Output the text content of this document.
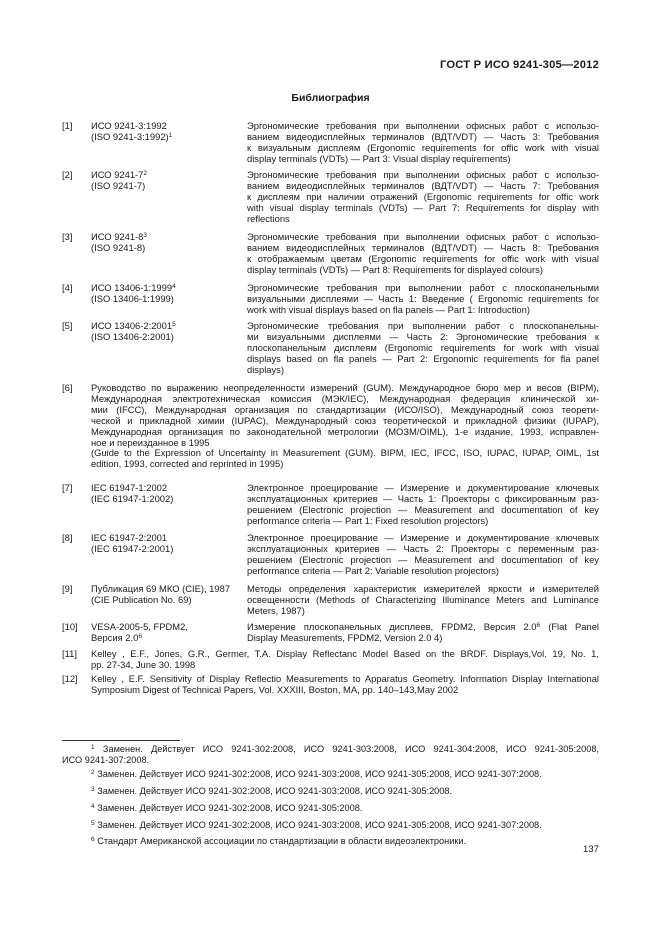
ГОСТ Р ИСО 9241-305—2012
Библиография
[1] ИСО 9241-3:1992
(ISO 9241-3:1992)$^1$
Эргономические требования при выполнении офисных работ с использо-
ванием видеодисплейных терминалов (ВДТ/VDT) — Часть 3: Требования
к визуальным дисплеям (Ergonomic requirements for offic work with visual
display terminals (VDTs) — Part 3: Visual display requirements)
[2] ИСО $9241-7^2$
(ISO 9241-7)
Эргономические требования при выполнении офисных работ с использо-
ванием видеодисплейных терминалов (ВДТ/VDT) — Часть 7: Требования
к дисплеям при наличии отражений (Ergonomic requirements for offic work
with visual display terminals (VDTs) — Part 7: Requirements for display with
reflections
[3] ИСО $9241-8^3$
(ISO 9241-8)
Эргономические требования при выполнении офисных работ с использо-
ванием видеодисплейных терминалов (ВДТ/VDT) — Часть 8: Требования
к отображаемым цветам (Ergonomic requirements for offic work with visual
display terminals (VDTs) — Part 8: Requirements for displayed colours)
[4] ИСО 13406-1:1999$^4$
(ISO 13406-1:1999)
Эргономические требования при выполнении работ с плоскопанельными
визуальными дисплеями — Часть 1: Введение ( Ergonomic requirements for
work with visual displays based on fla panels — Part 1: Introduction)
[5] ИСО 13406-2:2001$^5$
(ISO 13406-2:2001)
Эргономические требования при выполнении работ с плоскопанельны-
ми визуальными дисплеями — Часть 2: Эргономические требования к
плоскопанельным дисплеям (Ergonomic requirements for work with visual
displays based on fla panels — Part 2: Ergonomic requirements for fla panel
displays)
[6] Руководство по выражению неопределенности измерений (GUM). Международное бюро мер и весов (BIPM),
Международная электротехническая комиссия (МЭК/IEC), Международная федерация клинической хи-
мии (IFCC), Международная организация по стандартизации (ИСО/ISO), Международный союз теорети-
ческой и прикладной химии (IUPAC), Международный союз теоретической и прикладной физики (IUPAP),
Международная организация по законодательной метрологии (МОЗМ/OIML), 1-е издание, 1993, исправлен-
ное и переизданное в 1995
(Guide to the Expression of Uncertainty in Measurement (GUM). BIPM, IEC, IFCC, ISO, IUPAC, IUPAP, OIML, 1st
edition, 1993, corrected and reprinted in 1995)
[7] IEC 61947-1:2002
(IEC 61947-1:2002)
Электронное проецирование — Измерение и документирование ключевых
эксплуатационных критериев — Часть 1: Проекторы с фиксированным раз-
решением (Electronic projection — Measurement and documentation of key
performance criteria — Part 1: Fixed resolution projectors)
[8] IEC 61947-2:2001
(IEC 61947-2:2001)
Электронное проецирование — Измерение и документирование ключевых
эксплуатационных критериев — Часть 2: Проекторы с переменным раз-
решением (Electronic projection — Measurement and documentation of key
performance criteria — Part 2: Variable resolution projectors)
[9] Публикация 69 МКО (CIE), 1987
(CIE Publication No. 69)
Методы определения характеристик измерителей яркости и измерителей
освещенности (Methods of Characterizing Illuminance Meters and Luminance
Meters, 1987)
[10] VESA-2005-5, FPDM2,
Версия $2.0^6$
Измерение плоскопанельных дисплеев, FPDM2, Версия $2.0^6$ (Flat Panel
Display Measurements, FPDM2, Version 2.0 4)
[11] Kelley , E.F., Jones, G.R., Germer, T.A. Display Reflectanc Model Based on the BRDF. Displays,Vol. 19, No. 1,
pp. 27-34, June 30. 1998
[12] Kelley , E.F. Sensitivity of Display Reflectio Measurements to Apparatus Geometry. Information Display International
Symposium Digest of Technical Papers, Vol. XXXIII, Boston, MA, pp. 140–143,May 2002
$^1$ Заменен. Действует ИСО 9241-302:2008, ИСО 9241-303:2008, ИСО 9241-304:2008, ИСО 9241-305:2008,
ИСО 9241-307:2008.
$^2$ Заменен. Действует ИСО 9241-302:2008, ИСО 9241-303:2008, ИСО 9241-305:2008, ИСО 9241-307:2008.
$^3$ Заменен. Действует ИСО 9241-302:2008, ИСО 9241-303:2008, ИСО 9241-305:2008.
$^4$ Заменен. Действует ИСО 9241-302:2008, ИСО 9241-305:2008.
$^5$ Заменен. Действует ИСО 9241-302:2008, ИСО 9241-303:2008, ИСО 9241-305:2008, ИСО 9241-307:2008.
$^6$ Стандарт Американской ассоциации по стандартизации в области видеоэлектроники.
137
